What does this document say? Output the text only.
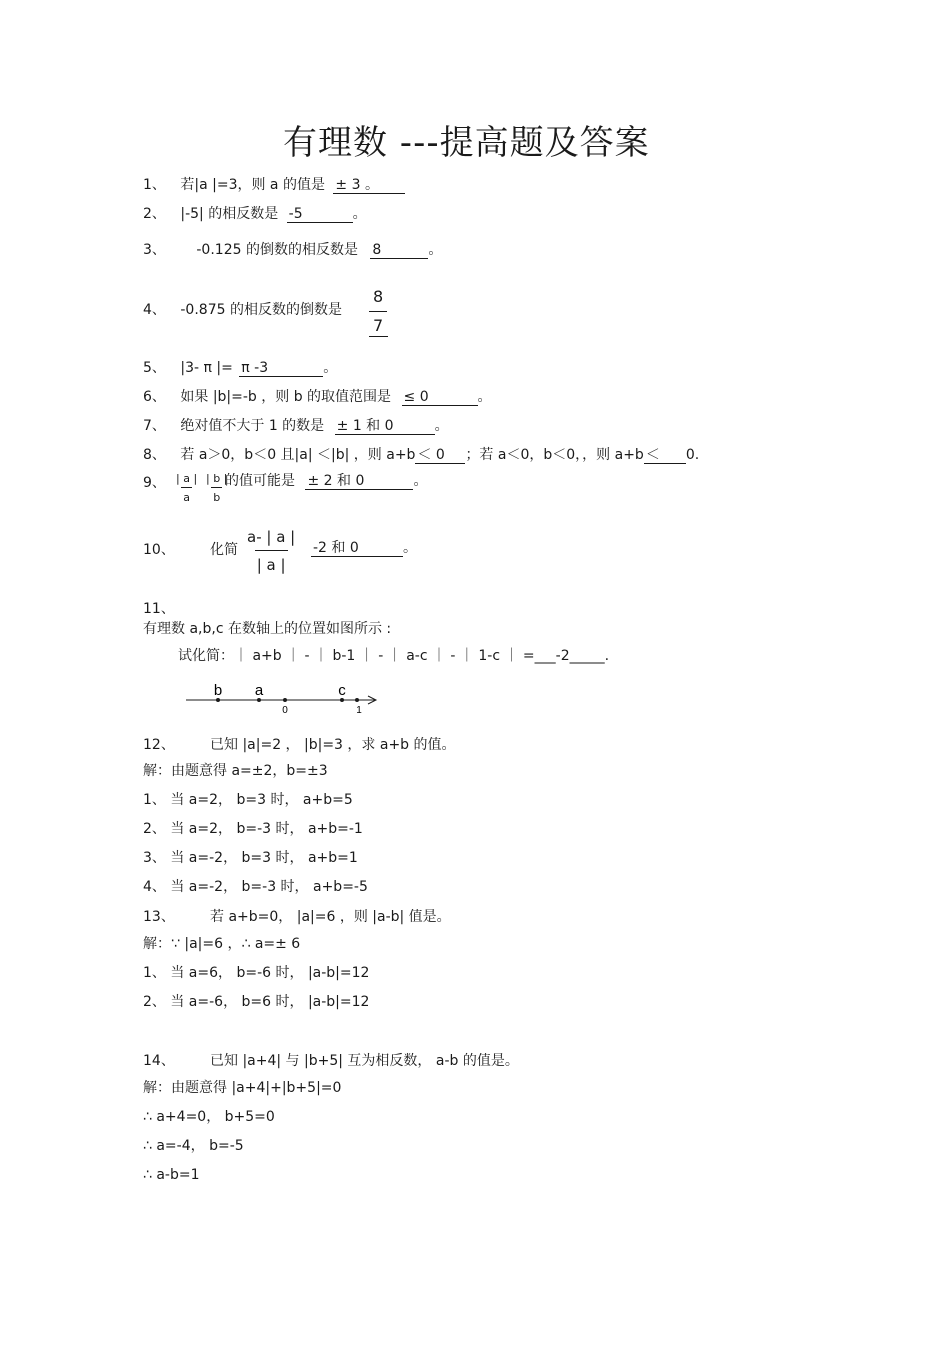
有理数 ---提高题及答案
1、 若|a |=3，则 a 的值是 ± 3 。
2、 |-5| 的相反数是 -5	。
3、 -0.125 的倒数的相反数是 8	。
4、 -0.875 的相反数的倒数是 $\frac{8}{7}$
5、 |3- π |= π -3	。
6、 如果 |b|=-b ，则 b 的取值范围是 ≤ 0	。
7、 绝对值不大于 1 的数是 ± 1 和 0	。
8、 若 a＞0，b＜0 且|a| ＜|b| ，则 a+b＜ 0；若 a＜0，b＜0，，则 a+b＜ 0.
9、 $\frac{| a |}{a} \frac{| b |}{b}$
的值可能是 ± 2 和 0	。
10、	化简 $\frac{a- | a |}{| a |} -2$ 和 0	。
11、
有理数 a,b,c 在数轴上的位置如图所示 :
试化简：｜ a+b ｜ - ｜ b-1 ｜ - ｜ a-c ｜ - ｜ 1-c ｜ =___-2_____.
b a	c
0	1
12、	已知 |a|=2 ， |b|=3 ，求 a+b 的值。
解：由题意得 a=±2，b=±3
1、 当 a=2， b=3 时， a+b=5
2、 当 a=2， b=-3 时， a+b=-1
3、 当 a=-2， b=3 时， a+b=1
4、 当 a=-2， b=-3 时， a+b=-5
13、	若 a+b=0， |a|=6 ，则 |a-b| 值是。
解：∵ |a|=6 ，∴ a=± 6
1、 当 a=6， b=-6 时， |a-b|=12
2、 当 a=-6， b=6 时， |a-b|=12
14、	已知 |a+4| 与 |b+5| 互为相反数， a-b 的值是。
解：由题意得 |a+4|+|b+5|=0
∴ a+4=0， b+5=0
∴ a=-4， b=-5
∴ a-b=1
